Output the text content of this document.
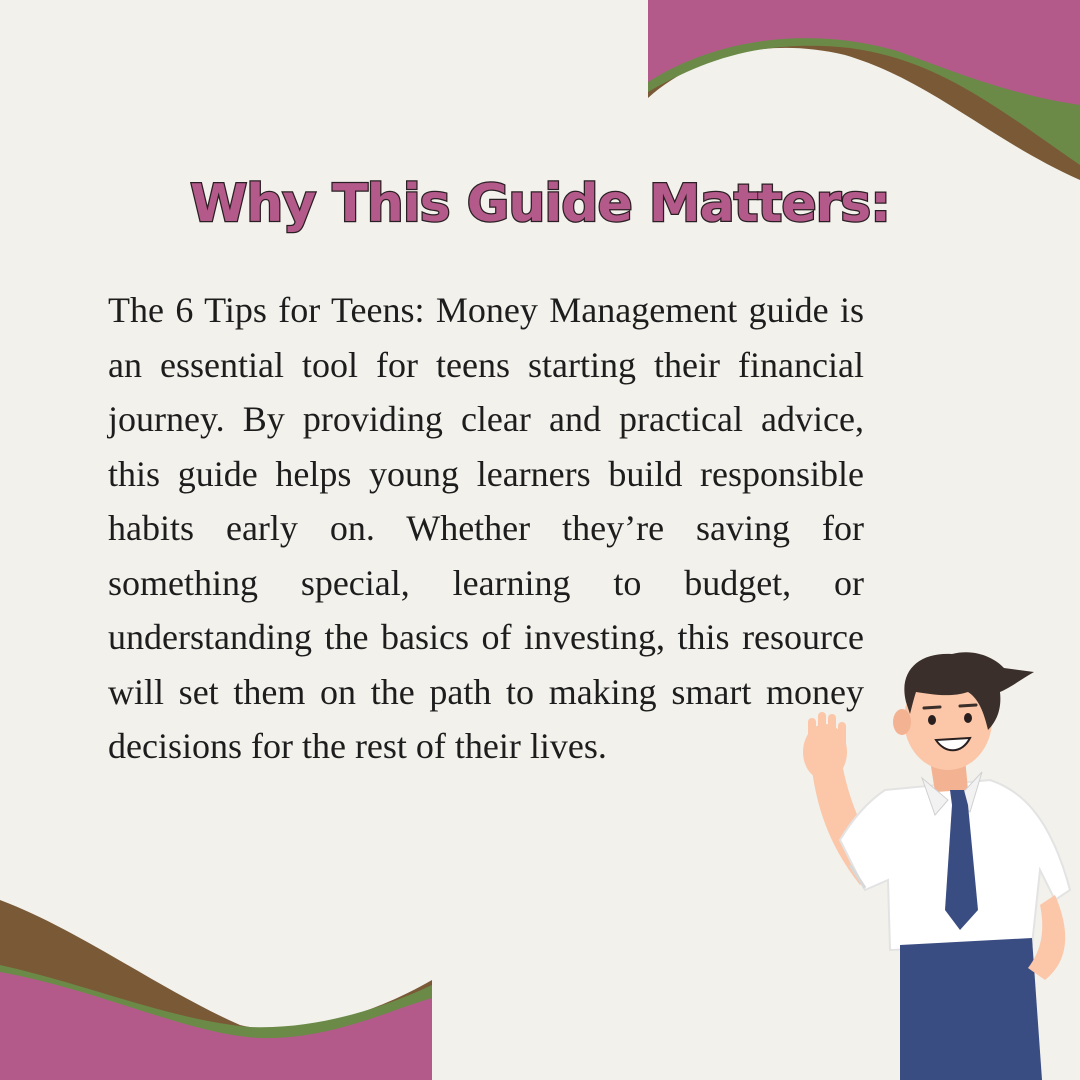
Why This Guide Matters:

The 6 Tips for Teens: Money Management guide is an essential tool for teens starting their financial journey. By providing clear and practical advice, this guide helps young learners build responsible habits early on. Whether they’re saving for something special, learning to budget, or understanding the basics of investing, this resource will set them on the path to making smart money decisions for the rest of their lives.
